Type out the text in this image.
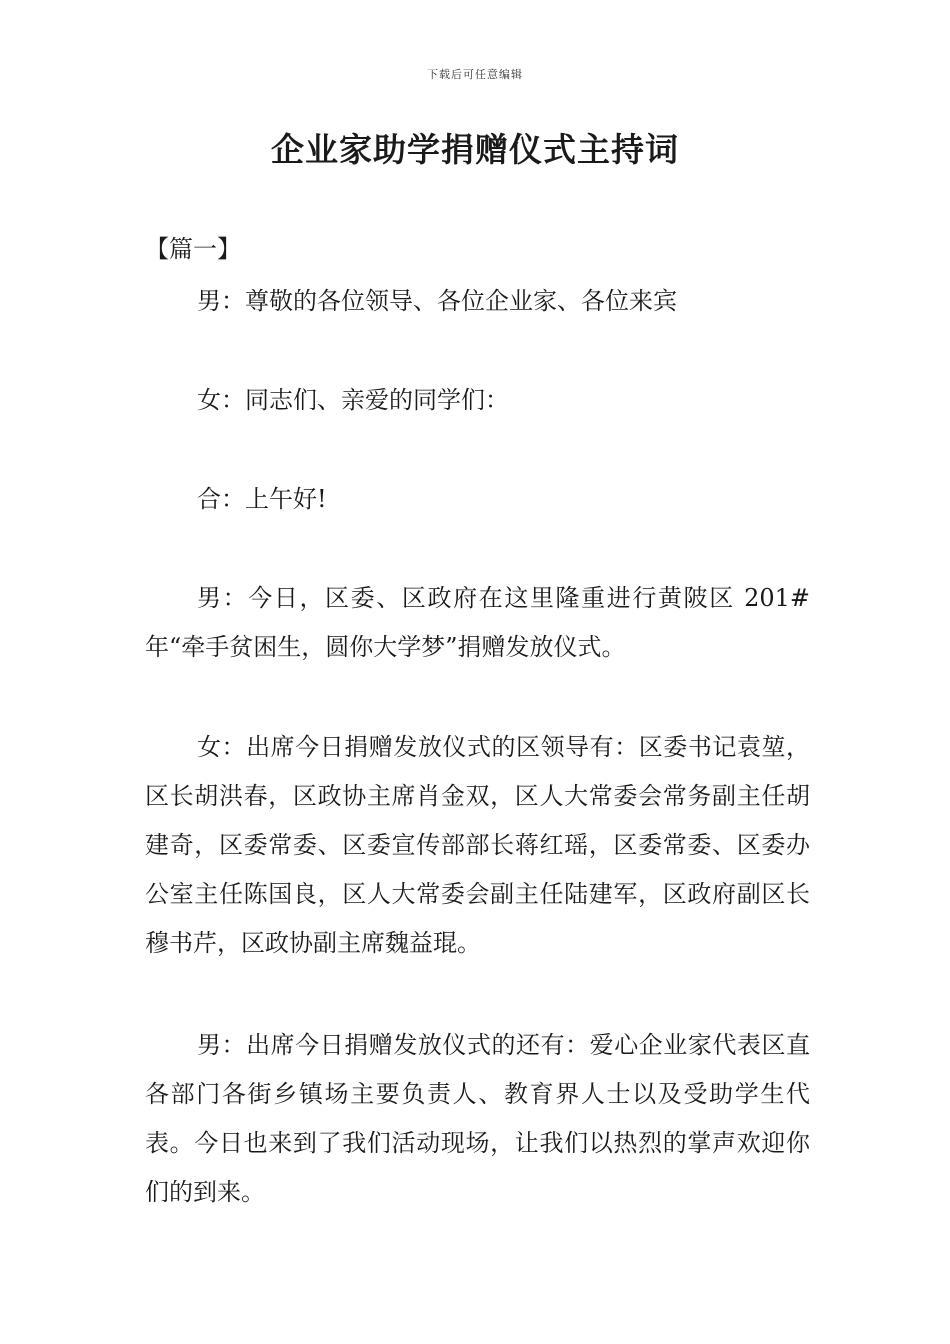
下载后可任意编辑
企业家助学捐赠仪式主持词
【篇一】

男：尊敬的各位领导、各位企业家、各位来宾

女：同志们、亲爱的同学们：

合：上午好!

男：今日，区委、区政府在这里隆重进行黄陂区 201#年“牵手贫困生，圆你大学梦”捐赠发放仪式。

女：出席今日捐赠发放仪式的区领导有：区委书记袁堃，区长胡洪春，区政协主席肖金双，区人大常委会常务副主任胡建奇，区委常委、区委宣传部部长蒋红瑶，区委常委、区委办公室主任陈国良，区人大常委会副主任陆建军，区政府副区长穆书芹，区政协副主席魏益琨。

男：出席今日捐赠发放仪式的还有：爱心企业家代表区直各部门各街乡镇场主要负责人、教育界人士以及受助学生代表。今日也来到了我们活动现场，让我们以热烈的掌声欢迎你们的到来。
